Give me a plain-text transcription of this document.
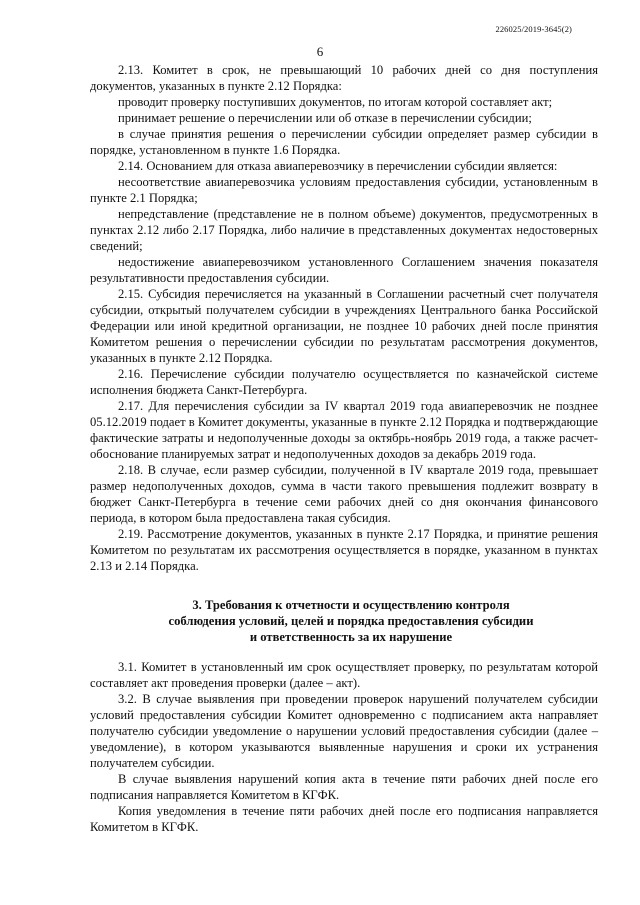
226025/2019-3645(2)
6

2.13. Комитет в срок, не превышающий 10 рабочих дней со дня поступления документов, указанных в пункте 2.12 Порядка:

проводит проверку поступивших документов, по итогам которой составляет акт;

принимает решение о перечислении или об отказе в перечислении субсидии;

в случае принятия решения о перечислении субсидии определяет размер субсидии в порядке, установленном в пункте 1.6 Порядка.

2.14. Основанием для отказа авиаперевозчику в перечислении субсидии является:

несоответствие авиаперевозчика условиям предоставления субсидии, установленным в пункте 2.1 Порядка;

непредставление (представление не в полном объеме) документов, предусмотренных в пунктах 2.12 либо 2.17 Порядка, либо наличие в представленных документах недостоверных сведений;

недостижение авиаперевозчиком установленного Соглашением значения показателя результативности предоставления субсидии.

2.15. Субсидия перечисляется на указанный в Соглашении расчетный счет получателя субсидии, открытый получателем субсидии в учреждениях Центрального банка Российской Федерации или иной кредитной организации, не позднее 10 рабочих дней после принятия Комитетом решения о перечислении субсидии по результатам рассмотрения документов, указанных в пункте 2.12 Порядка.

2.16. Перечисление субсидии получателю осуществляется по казначейской системе исполнения бюджета Санкт-Петербурга.

2.17. Для перечисления субсидии за IV квартал 2019 года авиаперевозчик не позднее 05.12.2019 подает в Комитет документы, указанные в пункте 2.12 Порядка и подтверждающие фактические затраты и недополученные доходы за октябрь-ноябрь 2019 года, а также расчет-обоснование планируемых затрат и недополученных доходов за декабрь 2019 года.

2.18. В случае, если размер субсидии, полученной в IV квартале 2019 года, превышает размер недополученных доходов, сумма в части такого превышения подлежит возврату в бюджет Санкт-Петербурга в течение семи рабочих дней со дня окончания финансового периода, в котором была предоставлена такая субсидия.

2.19. Рассмотрение документов, указанных в пункте 2.17 Порядка, и принятие решения Комитетом по результатам их рассмотрения осуществляется в порядке, указанном в пунктах 2.13 и 2.14 Порядка.

3. Требования к отчетности и осуществлению контроля

соблюдения условий, целей и порядка предоставления субсидии

и ответственность за их нарушение

3.1. Комитет в установленный им срок осуществляет проверку, по результатам которой составляет акт проведения проверки (далее – акт).

3.2. В случае выявления при проведении проверок нарушений получателем субсидии условий предоставления субсидии Комитет одновременно с подписанием акта направляет получателю субсидии уведомление о нарушении условий предоставления субсидии (далее – уведомление), в котором указываются выявленные нарушения и сроки их устранения получателем субсидии.

В случае выявления нарушений копия акта в течение пяти рабочих дней после его подписания направляется Комитетом в КГФК.

Копия уведомления в течение пяти рабочих дней после его подписания направляется Комитетом в КГФК.
